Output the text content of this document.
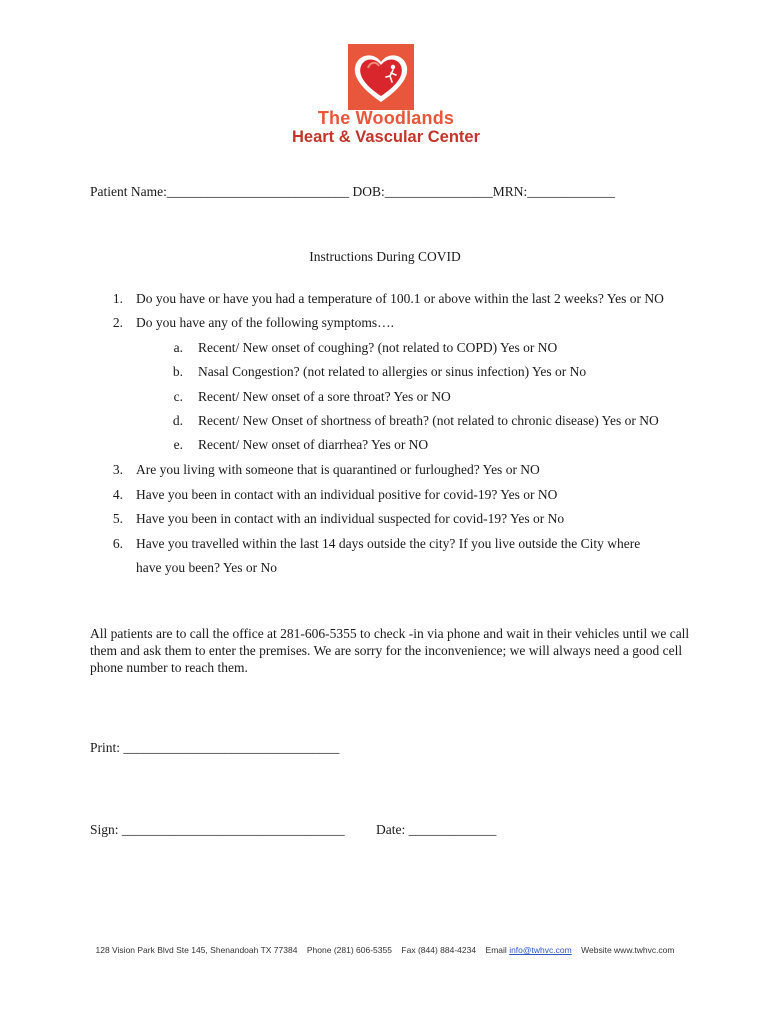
The Woodlands
Heart & Vascular Center
Patient Name:___________________________ DOB:________________MRN:_____________
Instructions During COVID
1. Do you have or have you had a temperature of 100.1 or above within the last 2 weeks? Yes or NO
2. Do you have any of the following symptoms….
a. Recent/ New onset of coughing? (not related to COPD) Yes or NO
b. Nasal Congestion? (not related to allergies or sinus infection) Yes or No
c. Recent/ New onset of a sore throat? Yes or NO
d. Recent/ New Onset of shortness of breath? (not related to chronic disease) Yes or NO
e. Recent/ New onset of diarrhea? Yes or NO
3. Are you living with someone that is quarantined or furloughed? Yes or NO
4. Have you been in contact with an individual positive for covid-19? Yes or NO
5. Have you been in contact with an individual suspected for covid-19? Yes or No
6. Have you travelled within the last 14 days outside the city? If you live outside the City where
have you been? Yes or No
All patients are to call the office at 281-606-5355 to check -in via phone and wait in their vehicles until we call them and ask them to enter the premises. We are sorry for the inconvenience; we will always need a good cell phone number to reach them.
Print: ________________________________
Sign: _________________________________ Date: _____________
128 Vision Park Blvd Ste 145, Shenandoah TX 77384 Phone (281) 606-5355 Fax (844) 884-4234 Email info@twhvc.com Website www.twhvc.com
